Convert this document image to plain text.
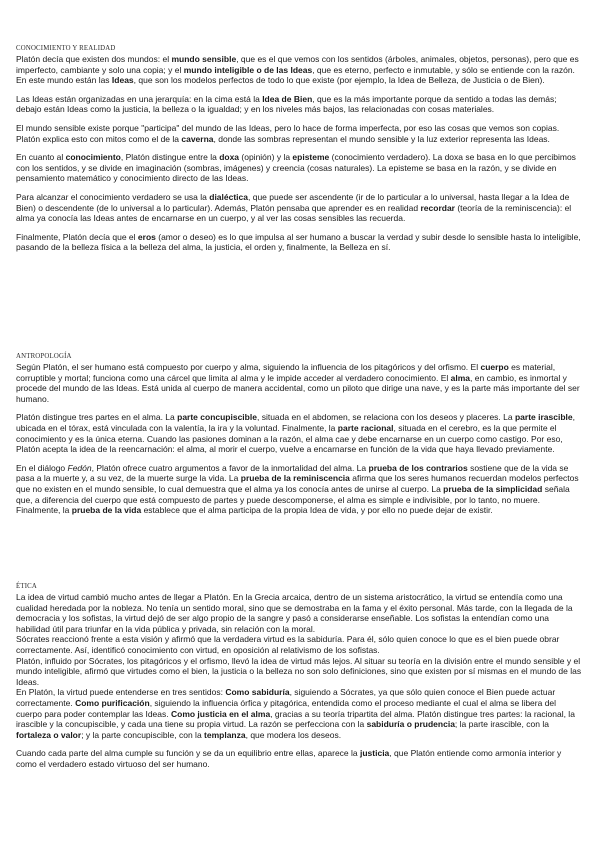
CONOCIMIENTO Y REALIDAD

Platón decía que existen dos mundos: el mundo sensible, que es el que vemos con los sentidos (árboles, animales, objetos, personas), pero que es imperfecto, cambiante y solo una copia; y el mundo inteligible o de las Ideas, que es eterno, perfecto e inmutable, y sólo se entiende con la razón. En este mundo están las Ideas, que son los modelos perfectos de todo lo que existe (por ejemplo, la Idea de Belleza, de Justicia o de Bien).

Las Ideas están organizadas en una jerarquía: en la cima está la Idea de Bien, que es la más importante porque da sentido a todas las demás; debajo están Ideas como la justicia, la belleza o la igualdad; y en los niveles más bajos, las relacionadas con cosas materiales.

El mundo sensible existe porque "participa" del mundo de las Ideas, pero lo hace de forma imperfecta, por eso las cosas que vemos son copias. Platón explica esto con mitos como el de la caverna, donde las sombras representan el mundo sensible y la luz exterior representa las Ideas.

En cuanto al conocimiento, Platón distingue entre la doxa (opinión) y la episteme (conocimiento verdadero). La doxa se basa en lo que percibimos con los sentidos, y se divide en imaginación (sombras, imágenes) y creencia (cosas naturales). La episteme se basa en la razón, y se divide en pensamiento matemático y conocimiento directo de las Ideas.

Para alcanzar el conocimiento verdadero se usa la dialéctica, que puede ser ascendente (ir de lo particular a lo universal, hasta llegar a la Idea de Bien) o descendente (de lo universal a lo particular). Además, Platón pensaba que aprender es en realidad recordar (teoría de la reminiscencia): el alma ya conocía las Ideas antes de encarnarse en un cuerpo, y al ver las cosas sensibles las recuerda.

Finalmente, Platón decía que el eros (amor o deseo) es lo que impulsa al ser humano a buscar la verdad y subir desde lo sensible hasta lo inteligible, pasando de la belleza física a la belleza del alma, la justicia, el orden y, finalmente, la Belleza en sí.

ANTROPOLOGÍA

Según Platón, el ser humano está compuesto por cuerpo y alma, siguiendo la influencia de los pitagóricos y del orfismo. El cuerpo es material, corruptible y mortal; funciona como una cárcel que limita al alma y le impide acceder al verdadero conocimiento. El alma, en cambio, es inmortal y procede del mundo de las Ideas. Está unida al cuerpo de manera accidental, como un piloto que dirige una nave, y es la parte más importante del ser humano.

Platón distingue tres partes en el alma. La parte concupiscible, situada en el abdomen, se relaciona con los deseos y placeres. La parte irascible, ubicada en el tórax, está vinculada con la valentía, la ira y la voluntad. Finalmente, la parte racional, situada en el cerebro, es la que permite el conocimiento y es la única eterna. Cuando las pasiones dominan a la razón, el alma cae y debe encarnarse en un cuerpo como castigo. Por eso, Platón acepta la idea de la reencarnación: el alma, al morir el cuerpo, vuelve a encarnarse en función de la vida que haya llevado previamente.

En el diálogo Fedón, Platón ofrece cuatro argumentos a favor de la inmortalidad del alma. La prueba de los contrarios sostiene que de la vida se pasa a la muerte y, a su vez, de la muerte surge la vida. La prueba de la reminiscencia afirma que los seres humanos recuerdan modelos perfectos que no existen en el mundo sensible, lo cual demuestra que el alma ya los conocía antes de unirse al cuerpo. La prueba de la simplicidad señala que, a diferencia del cuerpo que está compuesto de partes y puede descomponerse, el alma es simple e indivisible, por lo tanto, no muere. Finalmente, la prueba de la vida establece que el alma participa de la propia Idea de vida, y por ello no puede dejar de existir.

ÉTICA

La idea de virtud cambió mucho antes de llegar a Platón. En la Grecia arcaica, dentro de un sistema aristocrático, la virtud se entendía como una cualidad heredada por la nobleza. No tenía un sentido moral, sino que se demostraba en la fama y el éxito personal. Más tarde, con la llegada de la democracia y los sofistas, la virtud dejó de ser algo propio de la sangre y pasó a considerarse enseñable. Los sofistas la entendían como una habilidad útil para triunfar en la vida pública y privada, sin relación con la moral.

Sócrates reaccionó frente a esta visión y afirmó que la verdadera virtud es la sabiduría. Para él, sólo quien conoce lo que es el bien puede obrar correctamente. Así, identificó conocimiento con virtud, en oposición al relativismo de los sofistas.

Platón, influido por Sócrates, los pitagóricos y el orfismo, llevó la idea de virtud más lejos. Al situar su teoría en la división entre el mundo sensible y el mundo inteligible, afirmó que virtudes como el bien, la justicia o la belleza no son solo definiciones, sino que existen por sí mismas en el mundo de las Ideas.

En Platón, la virtud puede entenderse en tres sentidos: Como sabiduría, siguiendo a Sócrates, ya que sólo quien conoce el Bien puede actuar correctamente. Como purificación, siguiendo la influencia órfica y pitagórica, entendida como el proceso mediante el cual el alma se libera del cuerpo para poder contemplar las Ideas. Como justicia en el alma, gracias a su teoría tripartita del alma. Platón distingue tres partes: la racional, la irascible y la concupiscible, y cada una tiene su propia virtud. La razón se perfecciona con la sabiduría o prudencia; la parte irascible, con la fortaleza o valor; y la parte concupiscible, con la templanza, que modera los deseos.

Cuando cada parte del alma cumple su función y se da un equilibrio entre ellas, aparece la justicia, que Platón entiende como armonía interior y como el verdadero estado virtuoso del ser humano.
